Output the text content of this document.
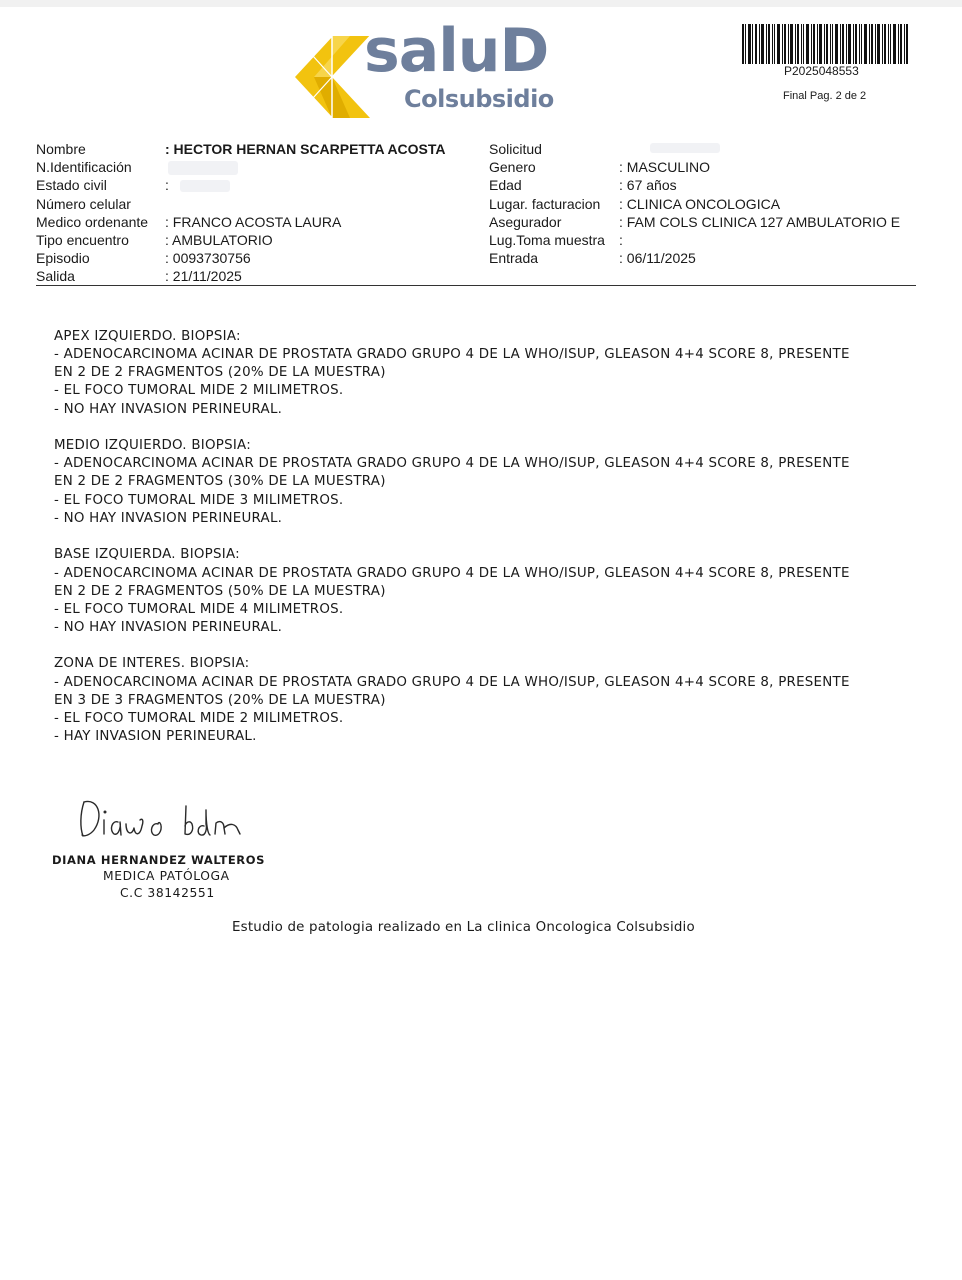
saluD
Colsubsidio
P2025048553
Final Pag. 2 de 2
Nombre	: HECTOR HERNAN SCARPETTA ACOSTA
N.Identificación
Estado civil	:
Número celular
Medico ordenante : FRANCO ACOSTA LAURA
Tipo encuentro	: AMBULATORIO
Episodio	: 0093730756
Salida	: 21/11/2025
Solicitud
Genero	: MASCULINO
Edad	: 67 años
Lugar. facturacion : CLINICA ONCOLOGICA
Asegurador	: FAM COLS CLINICA 127 AMBULATORIO E
Lug.Toma muestra :
Entrada	: 06/11/2025
APEX IZQUIERDO. BIOPSIA:
- ADENOCARCINOMA ACINAR DE PROSTATA GRADO GRUPO 4 DE LA WHO/ISUP, GLEASON 4+4 SCORE 8, PRESENTE
EN 2 DE 2 FRAGMENTOS (20% DE LA MUESTRA)
- EL FOCO TUMORAL MIDE 2 MILIMETROS.
- NO HAY INVASION PERINEURAL.
MEDIO IZQUIERDO. BIOPSIA:
- ADENOCARCINOMA ACINAR DE PROSTATA GRADO GRUPO 4 DE LA WHO/ISUP, GLEASON 4+4 SCORE 8, PRESENTE
EN 2 DE 2 FRAGMENTOS (30% DE LA MUESTRA)
- EL FOCO TUMORAL MIDE 3 MILIMETROS.
- NO HAY INVASION PERINEURAL.
BASE IZQUIERDA. BIOPSIA:
- ADENOCARCINOMA ACINAR DE PROSTATA GRADO GRUPO 4 DE LA WHO/ISUP, GLEASON 4+4 SCORE 8, PRESENTE
EN 2 DE 2 FRAGMENTOS (50% DE LA MUESTRA)
- EL FOCO TUMORAL MIDE 4 MILIMETROS.
- NO HAY INVASION PERINEURAL.
ZONA DE INTERES. BIOPSIA:
- ADENOCARCINOMA ACINAR DE PROSTATA GRADO GRUPO 4 DE LA WHO/ISUP, GLEASON 4+4 SCORE 8, PRESENTE
EN 3 DE 3 FRAGMENTOS (20% DE LA MUESTRA)
- EL FOCO TUMORAL MIDE 2 MILIMETROS.
- HAY INVASION PERINEURAL.
DIANA HERNANDEZ WALTEROS
MEDICA PATÓLOGA
C.C 38142551
Estudio de patologia realizado en La clinica Oncologica Colsubsidio
